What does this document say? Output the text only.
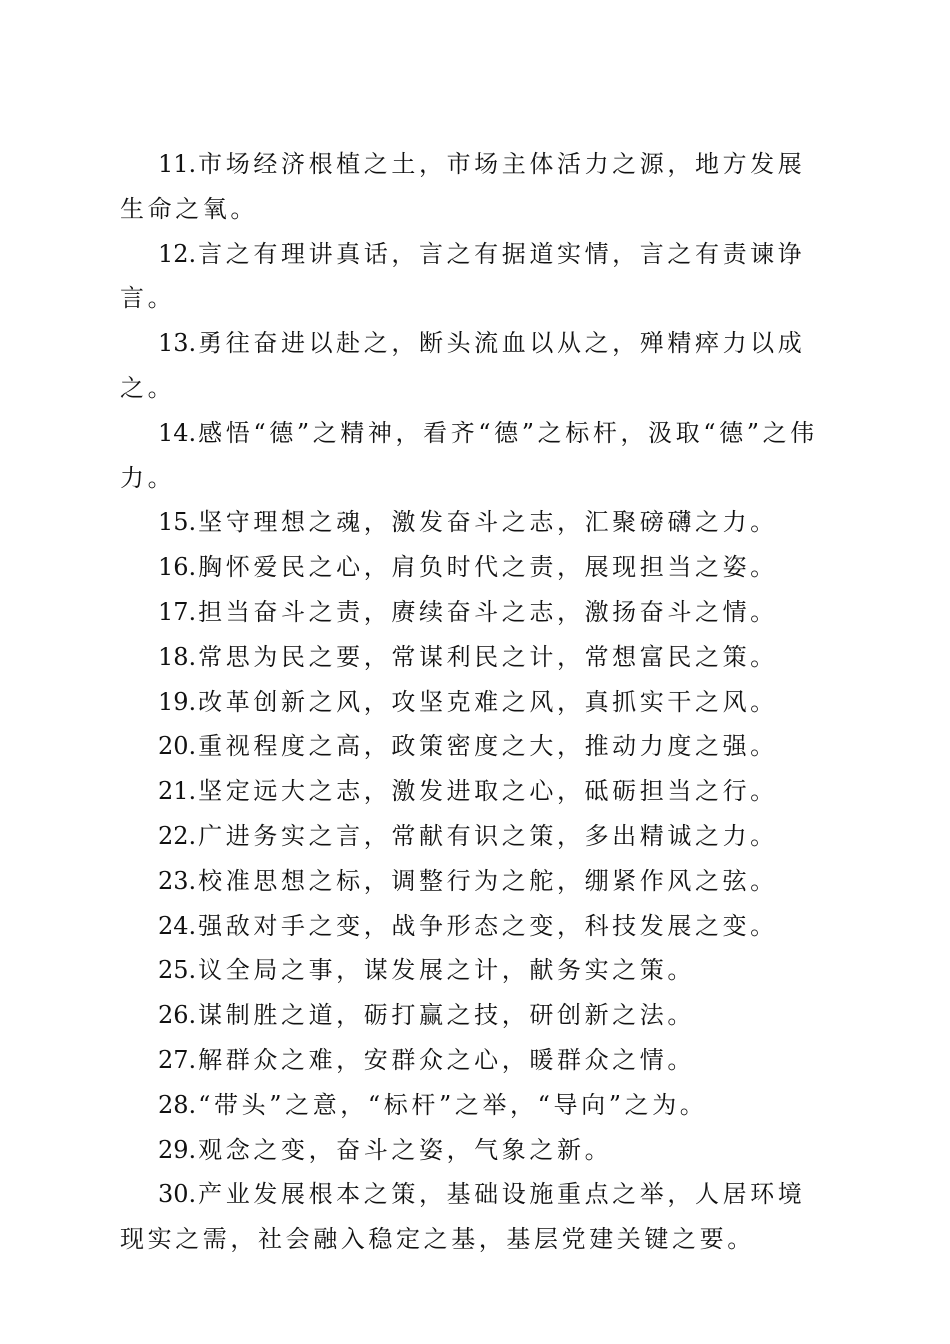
11.市场经济根植之土，市场主体活力之源，地方发展生命之氧。

12.言之有理讲真话，言之有据道实情，言之有责谏诤言。

13.勇往奋进以赴之，断头流血以从之，殚精瘁力以成之。

14.感悟“德”之精神，看齐“德”之标杆，汲取“德”之伟力。

15.坚守理想之魂，激发奋斗之志，汇聚磅礴之力。

16.胸怀爱民之心，肩负时代之责，展现担当之姿。

17.担当奋斗之责，赓续奋斗之志，激扬奋斗之情。

18.常思为民之要，常谋利民之计，常想富民之策。

19.改革创新之风，攻坚克难之风，真抓实干之风。

20.重视程度之高，政策密度之大，推动力度之强。

21.坚定远大之志，激发进取之心，砥砺担当之行。

22.广进务实之言，常献有识之策，多出精诚之力。

23.校准思想之标，调整行为之舵，绷紧作风之弦。

24.强敌对手之变，战争形态之变，科技发展之变。

25.议全局之事，谋发展之计，献务实之策。

26.谋制胜之道，砺打赢之技，研创新之法。

27.解群众之难，安群众之心，暖群众之情。

28.“带头”之意，“标杆”之举，“导向”之为。

29.观念之变，奋斗之姿，气象之新。

30.产业发展根本之策，基础设施重点之举，人居环境现实之需，社会融入稳定之基，基层党建关键之要。
